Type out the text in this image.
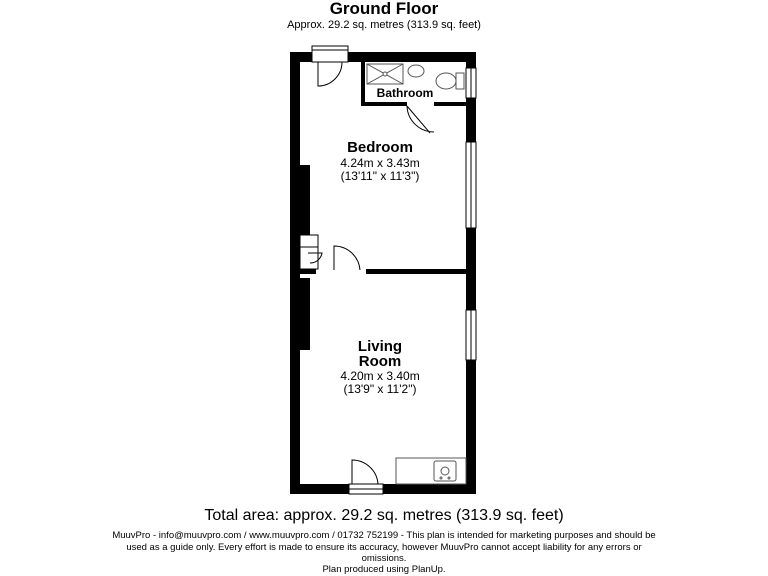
Ground Floor
Approx. 29.2 sq. metres (313.9 sq. feet)
Bathroom
Bedroom
4.24m x 3.43m
(13'11" x 11'3")
Living
Room
4.20m x 3.40m
(13'9" x 11'2")
Total area: approx. 29.2 sq. metres (313.9 sq. feet)
MuuvPro - info@muuvpro.com / www.muuvpro.com / 01732 752199 - This plan is intended for marketing purposes and should be used as a guide only. Every effort is made to ensure its accuracy, however MuuvPro cannot accept liability for any errors or omissions.
Plan produced using PlanUp.
